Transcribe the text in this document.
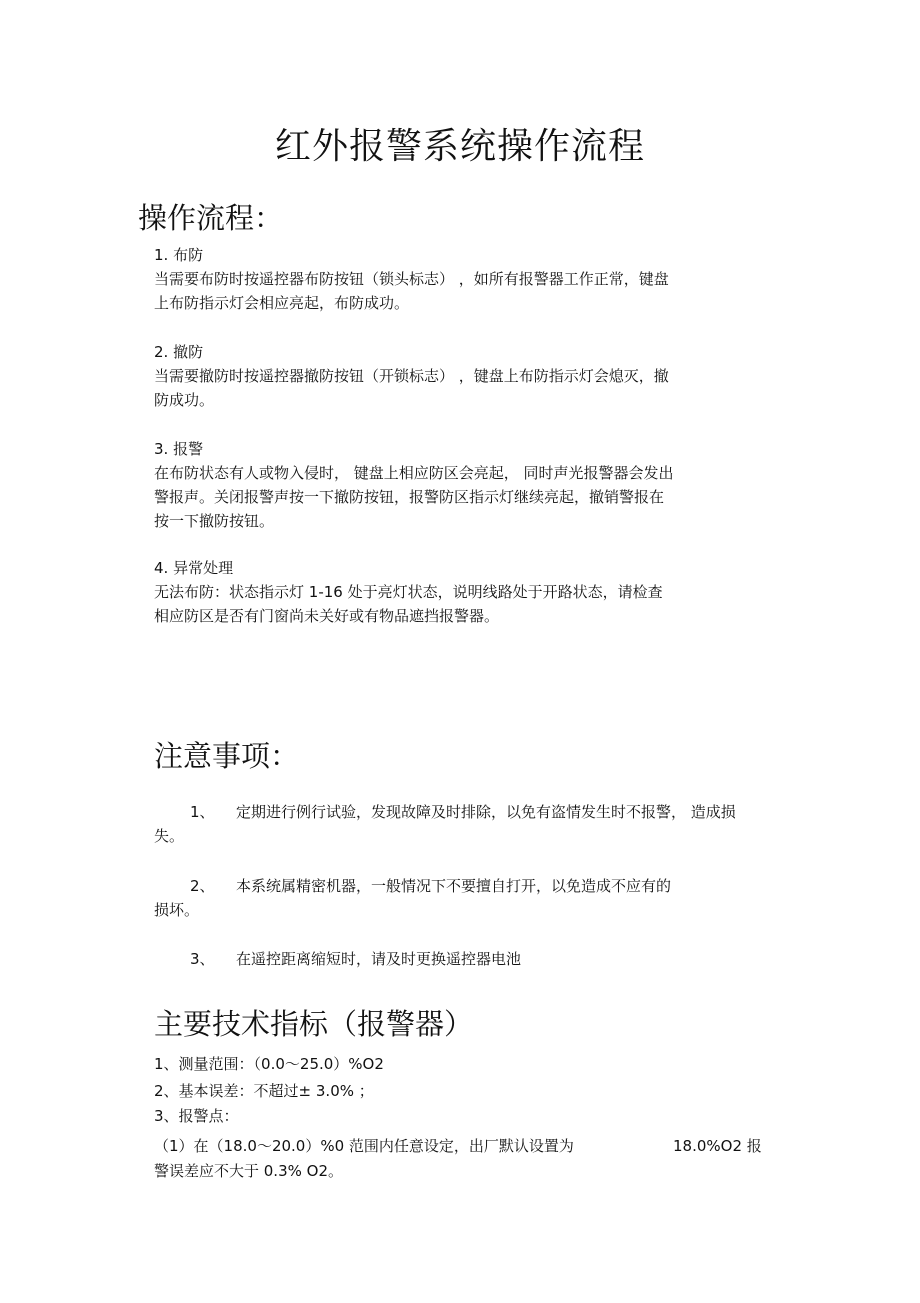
红外报警系统操作流程
操作流程：
1. 布防
当需要布防时按遥控器布防按钮（锁头标志） ，如所有报警器工作正常，键盘
上布防指示灯会相应亮起，布防成功。
2. 撤防
当需要撤防时按遥控器撤防按钮（开锁标志） ，键盘上布防指示灯会熄灭，撤
防成功。
3. 报警
在布防状态有人或物入侵时， 键盘上相应防区会亮起， 同时声光报警器会发出
警报声。关闭报警声按一下撤防按钮，报警防区指示灯继续亮起，撤销警报在
按一下撤防按钮。
4. 异常处理
无法布防：状态指示灯 1-16 处于亮灯状态，说明线路处于开路状态，请检查
相应防区是否有门窗尚未关好或有物品遮挡报警器。
注意事项：
1、 定期进行例行试验，发现故障及时排除，以免有盗情发生时不报警， 造成损
失。
2、 本系统属精密机器，一般情况下不要擅自打开，以免造成不应有的
损坏。
3、 在遥控距离缩短时，请及时更换遥控器电池
主要技术指标（报警器）
1、测量范围：（0.0〜25.0）%O2
2、基本误差：不超过± 3.0% ；
3、报警点：
（1）在（18.0〜20.0）%0 范围内任意设定，出厂默认设置为	18.0%O2 报
警误差应不大于 0.3% O2。
